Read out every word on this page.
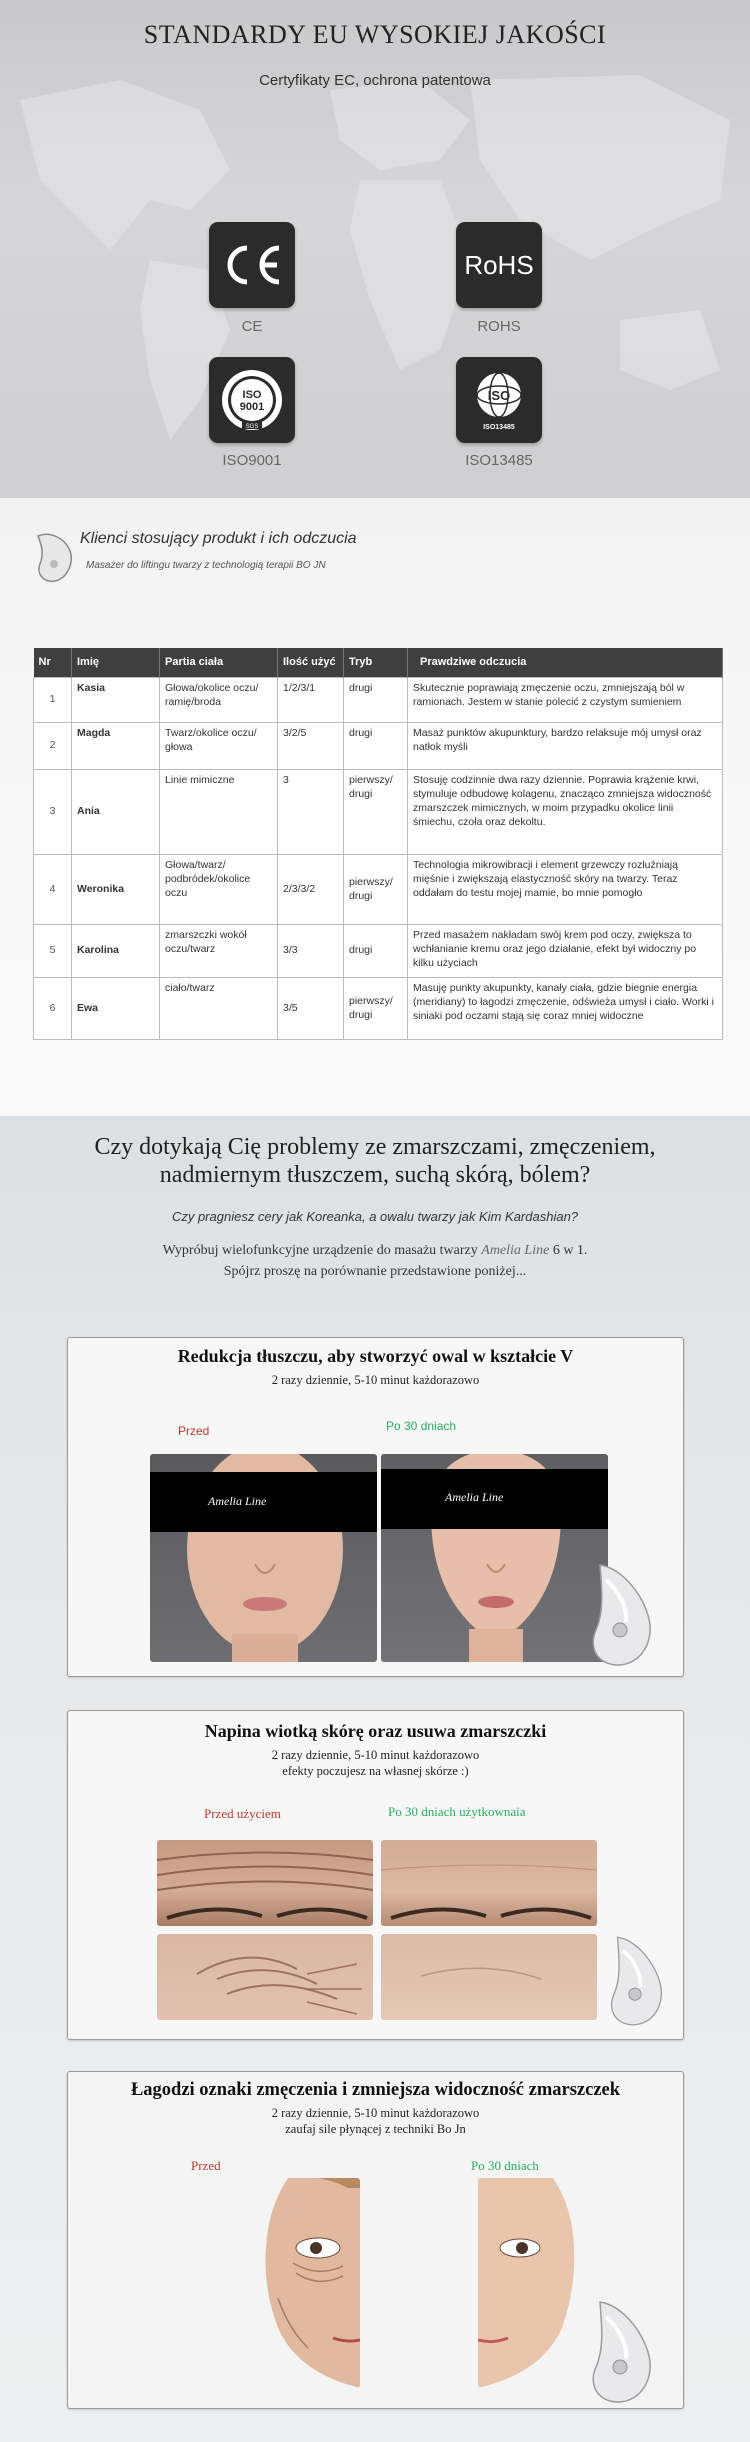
STANDARDY EU WYSOKIEJ JAKOŚCI
Certyfikaty EC, ochrona patentowa
CE
RoHS
ROHS
ISO
9001
SGS
ISO9001
ISO
ISO13485
ISO13485
Klienci stosujący produkt i ich odczucia
Masażer do liftingu twarzy z technologią terapii BO JN
Nr	Imię	Partia ciała	Ilość użyć	Tryb	Prawdziwe odczucia
1	Kasia	Głowa/okolice oczu/ ramię/broda	1/2/3/1	drugi	Skutecznie poprawiają zmęczenie oczu, zmniejszają ból w ramionach. Jestem w stanie polecić z czystym sumieniem
2	Magda	Twarz/okolice oczu/ głowa	3/2/5	drugi	Masaż punktów akupunktury, bardzo relaksuje mój umysł oraz natłok myśli
3	Ania	Linie mimiczne	3	pierwszy/ drugi	Stosuję codzinnie dwa razy dziennie. Poprawia krążenie krwi, stymuluje odbudowę kolagenu, znacząco zmniejsza widoczność zmarszczek mimicznych, w moim przypadku okolice linii śmiechu, czoła oraz dekoltu.
4	Weronika	Głowa/twarz/ podbródek/okolice oczu	2/3/3/2	pierwszy/ drugi	Technologia mikrowibracji i element grzewczy rozluźniają mięśnie i zwiększają elastyczność skóry na twarzy. Teraz oddałam do testu mojej mamie, bo mnie pomogło
5	Karolina	zmarszczki wokół oczu/twarz	3/3	drugi	Przed masażem nakładam swój krem pod oczy, zwiększa to wchłanianie kremu oraz jego działanie, efekt był widoczny po kilku użyciach
6	Ewa	ciało/twarz	3/5	pierwszy/ drugi	Masuję punkty akupunkty, kanały ciała, gdzie biegnie energia (meridiany) to łagodzi zmęczenie, odświeża umysł i ciało. Worki i siniaki pod oczami stają się coraz mniej widoczne
Czy dotykają Cię problemy ze zmarszczami, zmęczeniem,
nadmiernym tłuszczem, suchą skórą, bólem?
Czy pragniesz cery jak Koreanka, a owalu twarzy jak Kim Kardashian?
Wypróbuj wielofunkcyjne urządzenie do masażu twarzy Amelia Line 6 w 1.
Spójrz proszę na porównanie przedstawione poniżej...
Redukcja tłuszczu, aby stworzyć owal w kształcie V
2 razy dziennie, 5-10 minut każdorazowo
Przed	Po 30 dniach
Amelia Line	Amelia Line
Napina wiotką skórę oraz usuwa zmarszczki
2 razy dziennie, 5-10 minut każdorazowo
efekty poczujesz na własnej skórze :)
Przed użyciem	Po 30 dniach użytkownaia
Łagodzi oznaki zmęczenia i zmniejsza widoczność zmarszczek
2 razy dziennie, 5-10 minut każdorazowo
zaufaj sile płynącej z techniki Bo Jn
Przed	Po 30 dniach
